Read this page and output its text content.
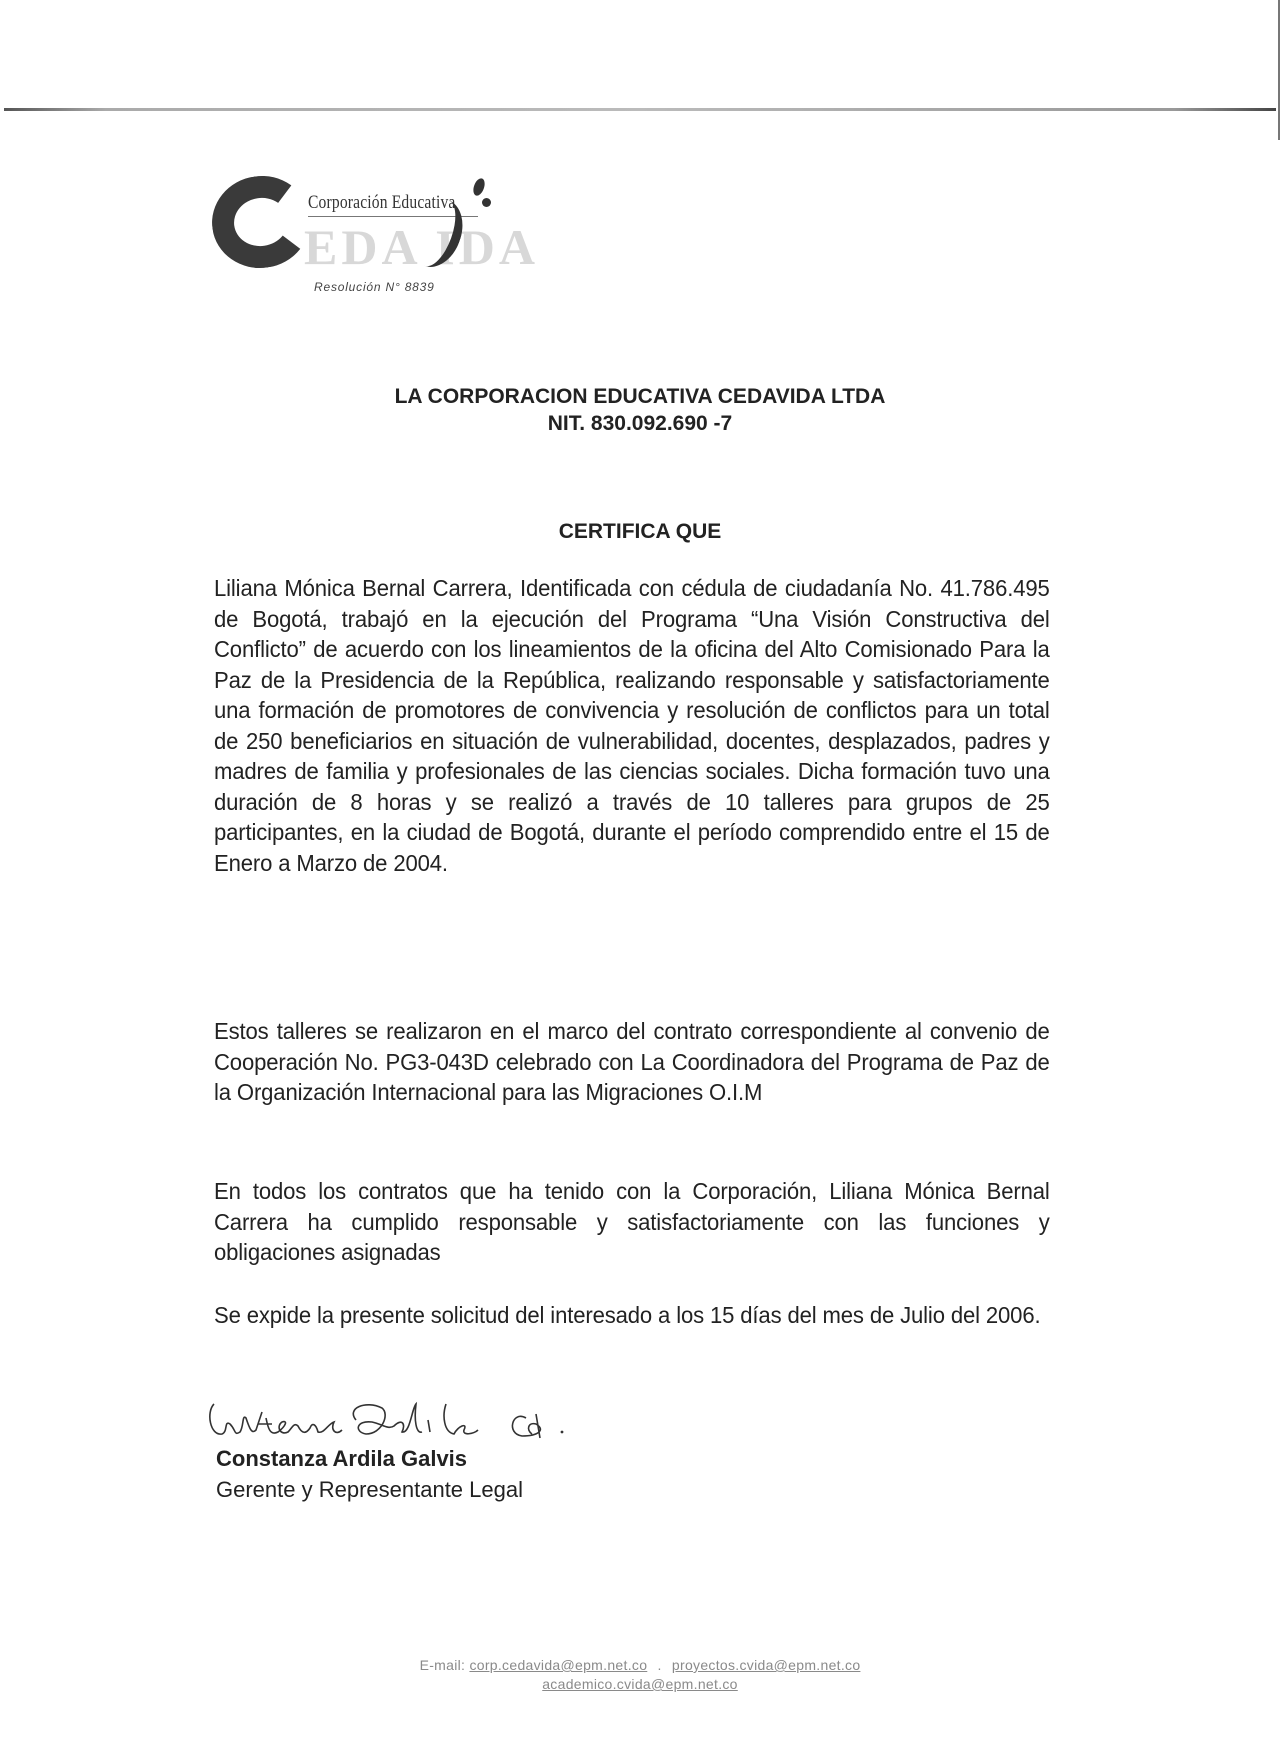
Corporación Educativa
EDA IDA
Resolución N° 8839
LA CORPORACION EDUCATIVA CEDAVIDA LTDA
NIT. 830.092.690 -7
CERTIFICA QUE
Liliana Mónica Bernal Carrera, Identificada con cédula de ciudadanía No. 41.786.495 de Bogotá, trabajó en la ejecución del Programa “Una Visión Constructiva del Conflicto” de acuerdo con los lineamientos de la oficina del Alto Comisionado Para la Paz de la Presidencia de la República, realizando responsable y satisfactoriamente una formación de promotores de convivencia y resolución de conflictos para un total de 250 beneficiarios en situación de vulnerabilidad, docentes, desplazados, padres y madres de familia y profesionales de las ciencias sociales. Dicha formación tuvo una duración de 8 horas y se realizó a través de 10 talleres para grupos de 25 participantes, en la ciudad de Bogotá, durante el período comprendido entre el 15 de Enero a Marzo de 2004.
Estos talleres se realizaron en el marco del contrato correspondiente al convenio de Cooperación No. PG3-043D celebrado con La Coordinadora del Programa de Paz de la Organización Internacional para las Migraciones O.I.M
En todos los contratos que ha tenido con la Corporación, Liliana Mónica Bernal Carrera ha cumplido responsable y satisfactoriamente con las funciones y obligaciones asignadas
Se expide la presente solicitud del interesado a los 15 días del mes de Julio del 2006.
Constanza Ardila Galvis
Gerente y Representante Legal
E-mail: corp.cedavida@epm.net.co . proyectos.cvida@epm.net.co
academico.cvida@epm.net.co
